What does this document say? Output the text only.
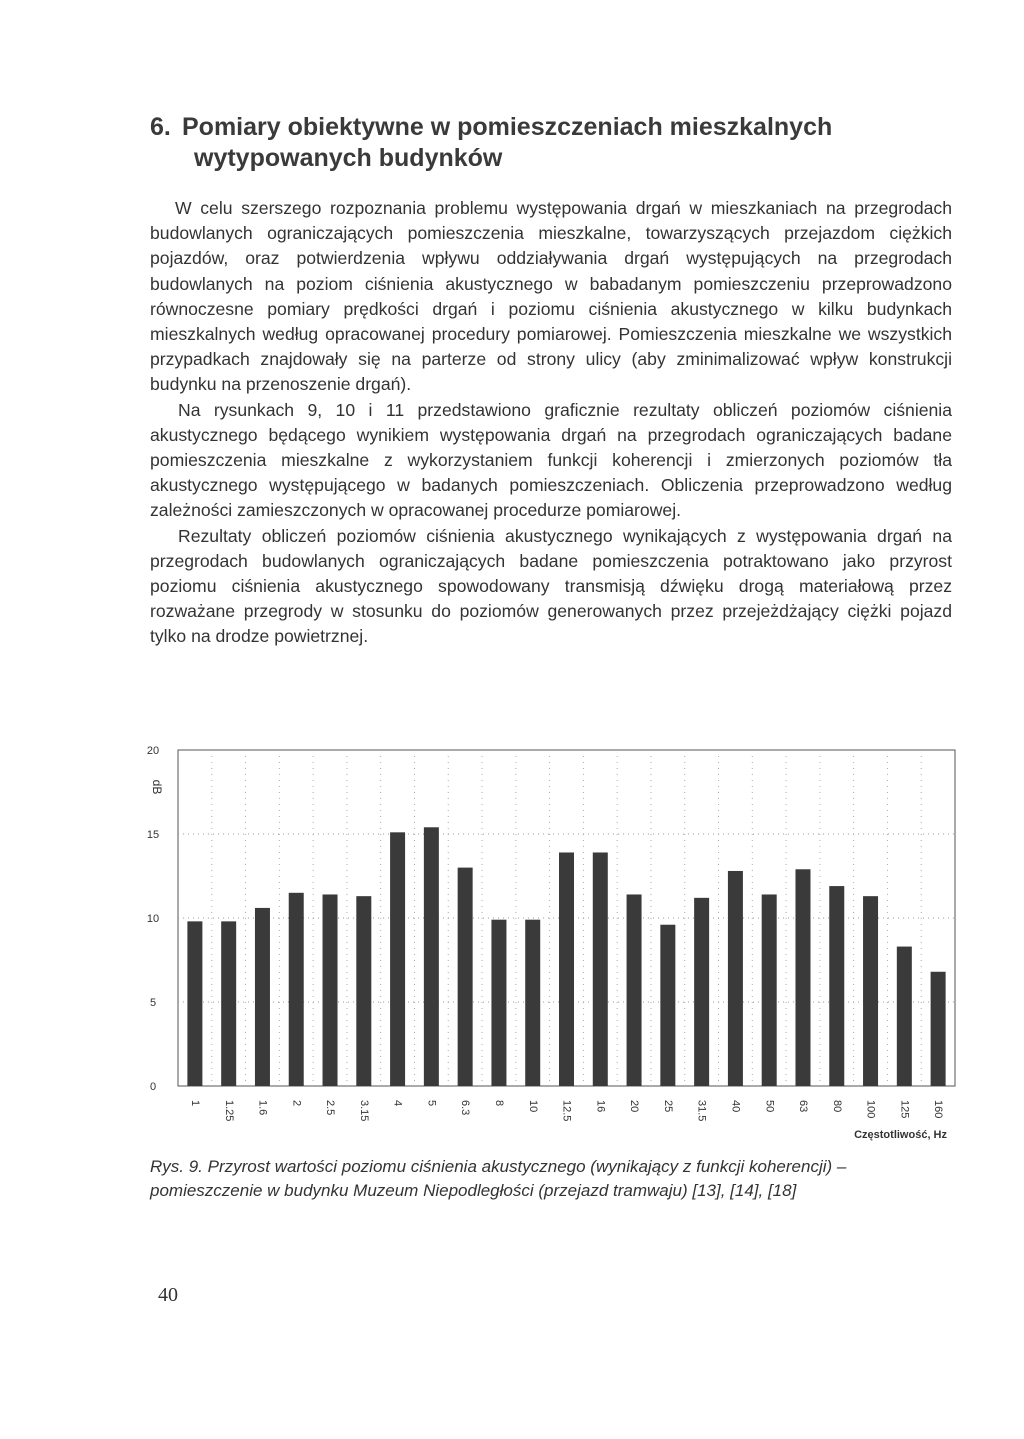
6. Pomiary obiektywne w pomieszczeniach mieszkalnych
wytypowanych budynków

W celu szerszego rozpoznania problemu występowania drgań w mieszkaniach na przegrodach budowlanych ograniczających pomieszczenia mieszkalne, towarzyszących przejazdom ciężkich pojazdów, oraz potwierdzenia wpływu oddziaływania drgań występujących na przegrodach budowlanych na poziom ciśnienia akustycznego w babadanym pomieszczeniu przeprowadzono równoczesne pomiary prędkości drgań i poziomu ciśnienia akustycznego w kilku budynkach mieszkalnych według opracowanej procedury pomiarowej. Pomieszczenia mieszkalne we wszystkich przypadkach znajdowały się na parterze od strony ulicy (aby zminimalizować wpływ konstrukcji budynku na przenoszenie drgań).

Na rysunkach 9, 10 i 11 przedstawiono graficznie rezultaty obliczeń poziomów ciśnienia akustycznego będącego wynikiem występowania drgań na przegrodach ograniczających badane pomieszczenia mieszkalne z wykorzystaniem funkcji koherencji i zmierzonych poziomów tła akustycznego występującego w badanych pomieszczeniach. Obliczenia przeprowadzono według zależności zamieszczonych w opracowanej procedurze pomiarowej.

Rezultaty obliczeń poziomów ciśnienia akustycznego wynikających z występowania drgań na przegrodach budowlanych ograniczających badane pomieszczenia potraktowano jako przyrost poziomu ciśnienia akustycznego spowodowany transmisją dźwięku drogą materiałową przez rozważane przegrody w stosunku do poziomów generowanych przez przejeżdżający ciężki pojazd tylko na drodze powietrznej.

0
5
10
15
20
dB
1 1.25 1.6 2 2.5 3.15 4 5 6.3 8 10 12.5 16 20 25 31.5 40 50 63 80 100 125 160
Częstotliwość, Hz

Rys. 9. Przyrost wartości poziomu ciśnienia akustycznego (wynikający z funkcji koherencji) – pomieszczenie w budynku Muzeum Niepodległości (przejazd tramwaju) [13], [14], [18]

40
